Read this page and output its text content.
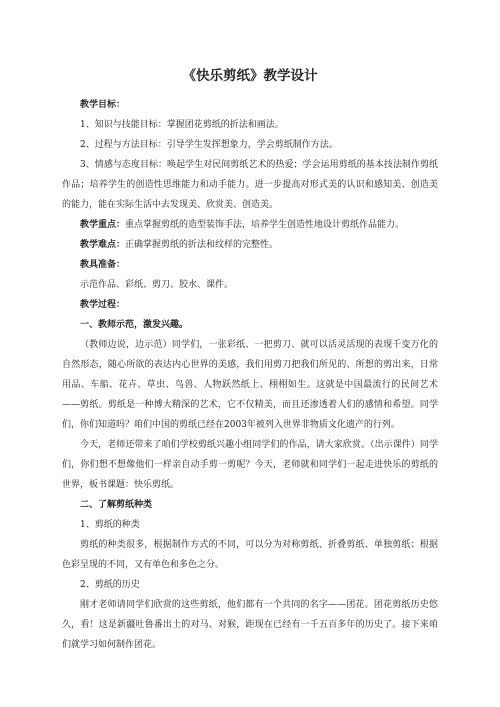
《快乐剪纸》教学设计

教学目标：

1、知识与技能目标：掌握团花剪纸的折法和画法。

2、过程与方法目标：引导学生发挥想象力，学会剪纸制作方法。

3、情感与态度目标：唤起学生对民间剪纸艺术的热爱；学会运用剪纸的基本技法制作剪纸作品；培养学生的创造性思维能力和动手能力。进一步提高对形式美的认识和感知美、创造美的能力，能在实际生活中去发现美、欣赏美、创造美。

教学重点：重点掌握剪纸的造型装饰手法，培养学生创造性地设计剪纸作品能力。

教学难点：正确掌握剪纸的折法和纹样的完整性。

教具准备：

示范作品、彩纸、剪刀、胶水、课件。

教学过程：

一、教师示范，激发兴趣。

（教师边说，边示范）同学们，一张彩纸、一把剪刀、就可以活灵活现的表现千变万化的自然形态，随心所欲的表达内心世界的美感，我们用剪刀把我们所见的、所想的剪出来，日常用品、车船、花卉、草虫、鸟兽、人物跃然纸上、栩栩如生。这就是中国最流行的民间艺术——剪纸。剪纸是一种博大精深的艺术，它不仅精美，而且还渗透着人们的感情和希望。同学们，你们知道吗？咱们中国的剪纸已经在2003年被列入世界非物质文化遗产的行列。

今天，老师还带来了咱们学校剪纸兴趣小组同学们的作品，请大家欣赏。（出示课件）同学们，你们想不想像他们一样亲自动手剪一剪呢？今天，老师就和同学们一起走进快乐的剪纸的世界，板书课题：快乐剪纸。

二、了解剪纸种类

1、剪纸的种类

剪纸的种类很多，根据制作方式的不同，可以分为对称剪纸、折叠剪纸、单独剪纸；根据色彩呈现的不同，又有单色和多色之分。

2、剪纸的历史

刚才老师请同学们欣赏的这些剪纸，他们都有一个共同的名字——团花。团花剪纸历史悠久，看！这是新疆吐鲁番出土的对马、对猴，距现在已经有一千五百多年的历史了。接下来咱们就学习如何制作团花。
